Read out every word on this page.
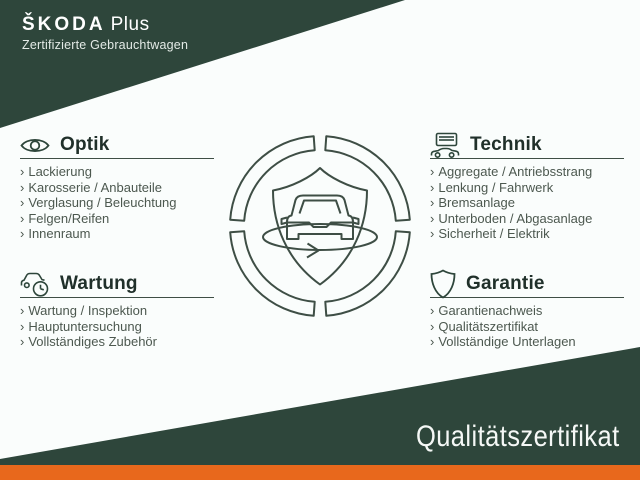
ŠKODA Plus
Zertifizierte Gebrauchtwagen
Optik
› Lackierung
› Karosserie / Anbauteile
› Verglasung / Beleuchtung
› Felgen/Reifen
› Innenraum
Technik
› Aggregate / Antriebsstrang
› Lenkung / Fahrwerk
› Bremsanlage
› Unterboden / Abgasanlage
› Sicherheit / Elektrik
Wartung
› Wartung / Inspektion
› Hauptuntersuchung
› Vollständiges Zubehör
Garantie
› Garantienachweis
› Qualitätszertifikat
› Vollständige Unterlagen
Qualitätszertifikat
